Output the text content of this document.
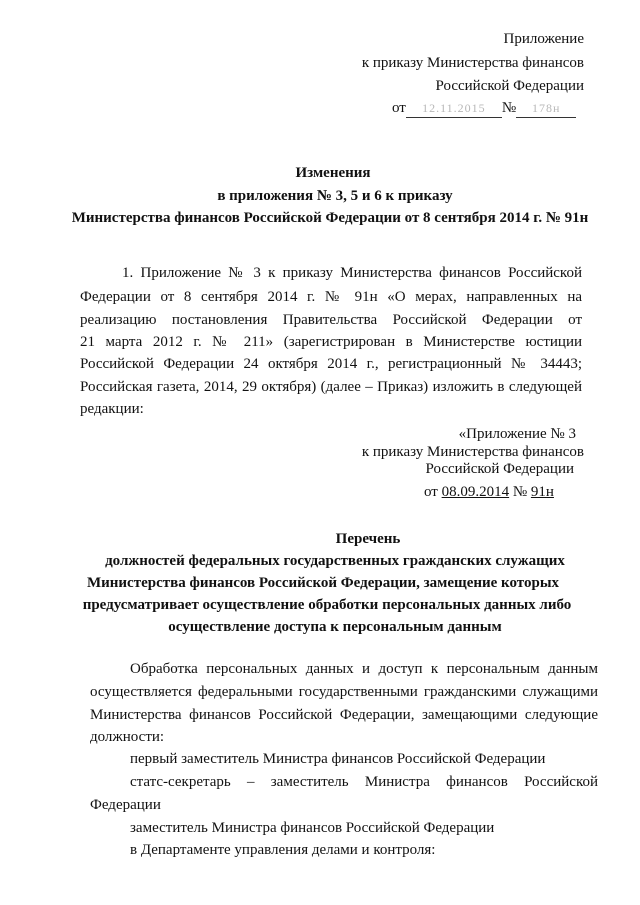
Приложение
к приказу Министерства финансов
Российской Федерации
от 12.11.2015 № 178н
Изменения
в приложения № 3, 5 и 6 к приказу
Министерства финансов Российской Федерации от 8 сентября 2014 г. № 91н
1. Приложение № 3 к приказу Министерства финансов Российской
Федерации от 8 сентября 2014 г. № 91н «О мерах, направленных на
реализацию постановления Правительства Российской Федерации от
21 марта 2012 г. № 211» (зарегистрирован в Министерстве юстиции
Российской Федерации 24 октября 2014 г., регистрационный № 34443;
Российская газета, 2014, 29 октября) (далее – Приказ) изложить в следующей
редакции:
«Приложение № 3
к приказу Министерства финансов
Российской Федерации
от 08.09.2014 № 91н
Перечень
должностей федеральных государственных гражданских служащих
Министерства финансов Российской Федерации, замещение которых
предусматривает осуществление обработки персональных данных либо
осуществление доступа к персональным данным
Обработка персональных данных и доступ к персональным данным
осуществляется федеральными государственными гражданскими служащими
Министерства финансов Российской Федерации, замещающими следующие
должности:
первый заместитель Министра финансов Российской Федерации
статс-секретарь – заместитель Министра финансов Российской
Федерации
заместитель Министра финансов Российской Федерации
в Департаменте управления делами и контроля:
